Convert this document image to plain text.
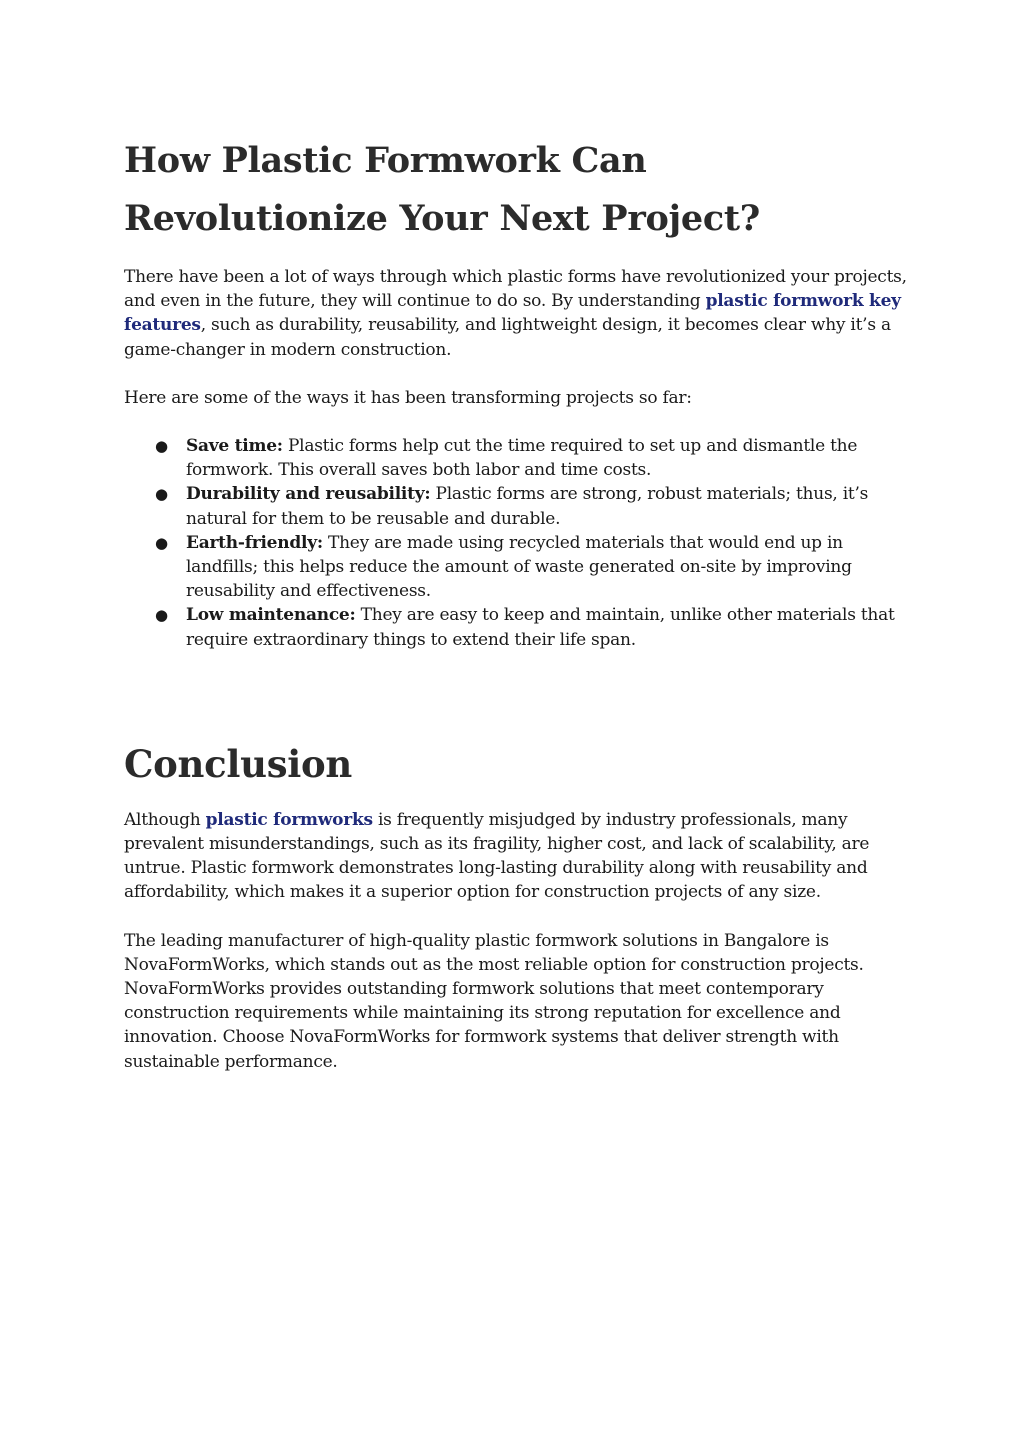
How Plastic Formwork Can Revolutionize Your Next Project?

There have been a lot of ways through which plastic forms have revolutionized your projects, and even in the future, they will continue to do so. By understanding plastic formwork key features, such as durability, reusability, and lightweight design, it becomes clear why it’s a game-changer in modern construction.

Here are some of the ways it has been transforming projects so far:

● Save time: Plastic forms help cut the time required to set up and dismantle the formwork. This overall saves both labor and time costs.
● Durability and reusability: Plastic forms are strong, robust materials; thus, it’s natural for them to be reusable and durable.
● Earth-friendly: They are made using recycled materials that would end up in landfills; this helps reduce the amount of waste generated on-site by improving reusability and effectiveness.
● Low maintenance: They are easy to keep and maintain, unlike other materials that require extraordinary things to extend their life span.
Conclusion

Although plastic formworks is frequently misjudged by industry professionals, many prevalent misunderstandings, such as its fragility, higher cost, and lack of scalability, are untrue. Plastic formwork demonstrates long-lasting durability along with reusability and affordability, which makes it a superior option for construction projects of any size.

The leading manufacturer of high-quality plastic formwork solutions in Bangalore is NovaFormWorks, which stands out as the most reliable option for construction projects. NovaFormWorks provides outstanding formwork solutions that meet contemporary construction requirements while maintaining its strong reputation for excellence and innovation. Choose NovaFormWorks for formwork systems that deliver strength with sustainable performance.
